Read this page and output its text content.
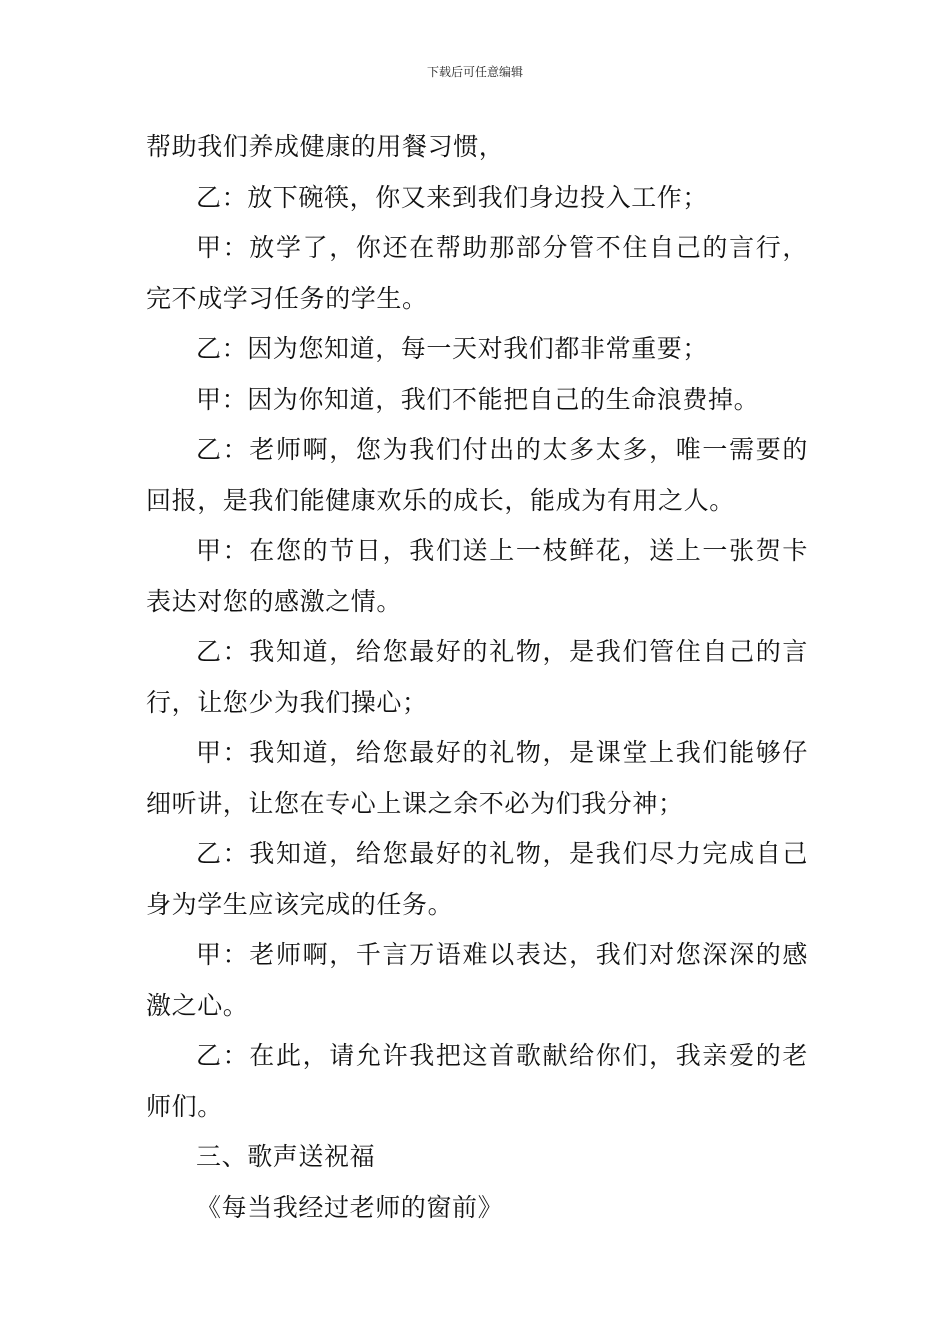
下载后可任意编辑

帮助我们养成健康的用餐习惯，

乙：放下碗筷，你又来到我们身边投入工作；

甲：放学了，你还在帮助那部分管不住自己的言行，完不成学习任务的学生。

乙：因为您知道，每一天对我们都非常重要；

甲：因为你知道，我们不能把自己的生命浪费掉。

乙：老师啊，您为我们付出的太多太多，唯一需要的回报，是我们能健康欢乐的成长，能成为有用之人。

甲：在您的节日，我们送上一枝鲜花，送上一张贺卡表达对您的感激之情。

乙：我知道，给您最好的礼物，是我们管住自己的言行，让您少为我们操心；

甲：我知道，给您最好的礼物，是课堂上我们能够仔细听讲，让您在专心上课之余不必为们我分神；

乙：我知道，给您最好的礼物，是我们尽力完成自己身为学生应该完成的任务。

甲：老师啊，千言万语难以表达，我们对您深深的感激之心。

乙：在此，请允许我把这首歌献给你们，我亲爱的老师们。

三、歌声送祝福

《每当我经过老师的窗前》
